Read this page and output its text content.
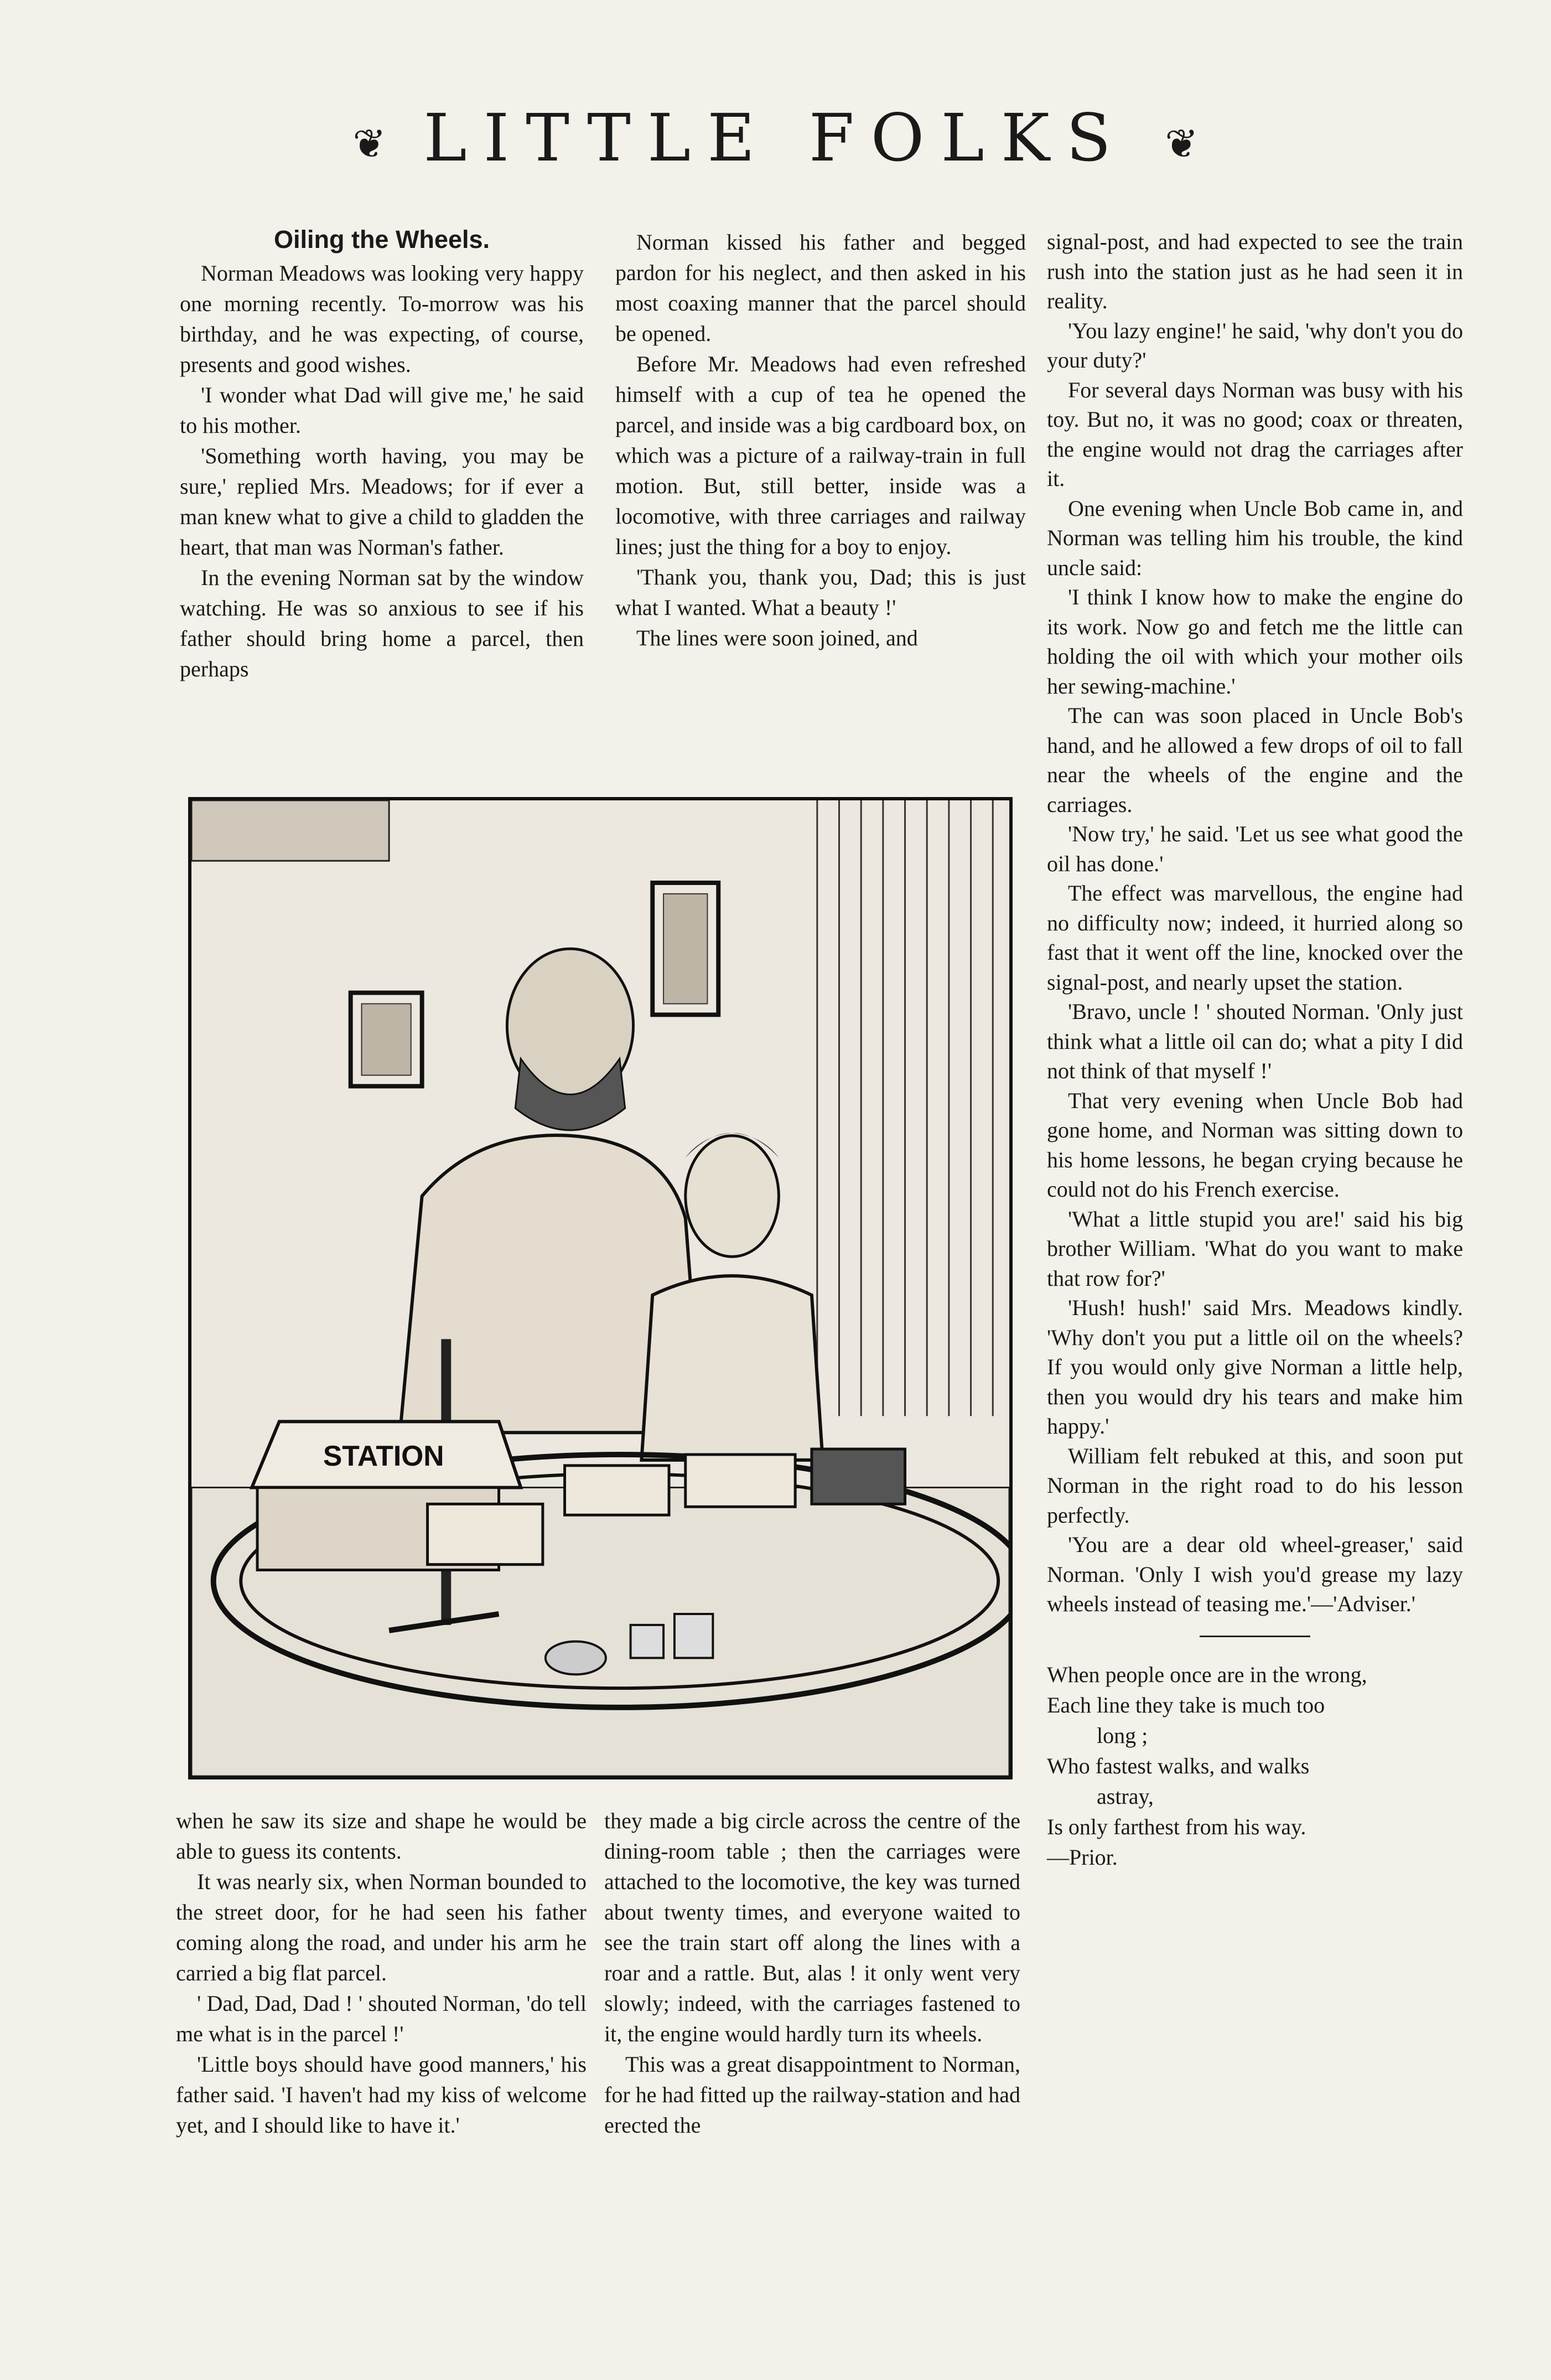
❦ LITTLE FOLKS ❦

Oiling the Wheels.

Norman Meadows was looking very happy one morning recently. To-morrow was his birthday, and he was expecting, of course, presents and good wishes.

'I wonder what Dad will give me,' he said to his mother.

'Something worth having, you may be sure,' replied Mrs. Meadows; for if ever a man knew what to give a child to gladden the heart, that man was Norman's father.

In the evening Norman sat by the window watching. He was so anxious to see if his father should bring home a parcel, then perhaps

Norman kissed his father and begged pardon for his neglect, and then asked in his most coaxing manner that the parcel should be opened.

Before Mr. Meadows had even refreshed himself with a cup of tea he opened the parcel, and inside was a big cardboard box, on which was a picture of a railway-train in full motion. But, still better, inside was a locomotive, with three carriages and railway lines; just the thing for a boy to enjoy.

'Thank you, thank you, Dad; this is just what I wanted. What a beauty !'

The lines were soon joined, and

STATION

when he saw its size and shape he would be able to guess its contents.

It was nearly six, when Norman bounded to the street door, for he had seen his father coming along the road, and under his arm he carried a big flat parcel.

' Dad, Dad, Dad ! ' shouted Norman, 'do tell me what is in the parcel !'

'Little boys should have good manners,' his father said. 'I haven't had my kiss of welcome yet, and I should like to have it.'

they made a big circle across the centre of the dining-room table ; then the carriages were attached to the locomotive, the key was turned about twenty times, and everyone waited to see the train start off along the lines with a roar and a rattle. But, alas ! it only went very slowly; indeed, with the carriages fastened to it, the engine would hardly turn its wheels.

This was a great disappointment to Norman, for he had fitted up the railway-station and had erected the

signal-post, and had expected to see the train rush into the station just as he had seen it in reality.

'You lazy engine!' he said, 'why don't you do your duty?'

For several days Norman was busy with his toy. But no, it was no good; coax or threaten, the engine would not drag the carriages after it.

One evening when Uncle Bob came in, and Norman was telling him his trouble, the kind uncle said:

'I think I know how to make the engine do its work. Now go and fetch me the little can holding the oil with which your mother oils her sewing-machine.'

The can was soon placed in Uncle Bob's hand, and he allowed a few drops of oil to fall near the wheels of the engine and the carriages.

'Now try,' he said. 'Let us see what good the oil has done.'

The effect was marvellous, the engine had no difficulty now; indeed, it hurried along so fast that it went off the line, knocked over the signal-post, and nearly upset the station.

'Bravo, uncle ! ' shouted Norman. 'Only just think what a little oil can do; what a pity I did not think of that myself !'

That very evening when Uncle Bob had gone home, and Norman was sitting down to his home lessons, he began crying because he could not do his French exercise.

'What a little stupid you are!' said his big brother William. 'What do you want to make that row for?'

'Hush! hush!' said Mrs. Meadows kindly. 'Why don't you put a little oil on the wheels? If you would only give Norman a little help, then you would dry his tears and make him happy.'

William felt rebuked at this, and soon put Norman in the right road to do his lesson perfectly.

'You are a dear old wheel-greaser,' said Norman. 'Only I wish you'd grease my lazy wheels instead of teasing me.'—'Adviser.'

When people once are in the wrong,
Each line they take is much too
long ;
Who fastest walks, and walks
astray,
Is only farthest from his way.
—Prior.
